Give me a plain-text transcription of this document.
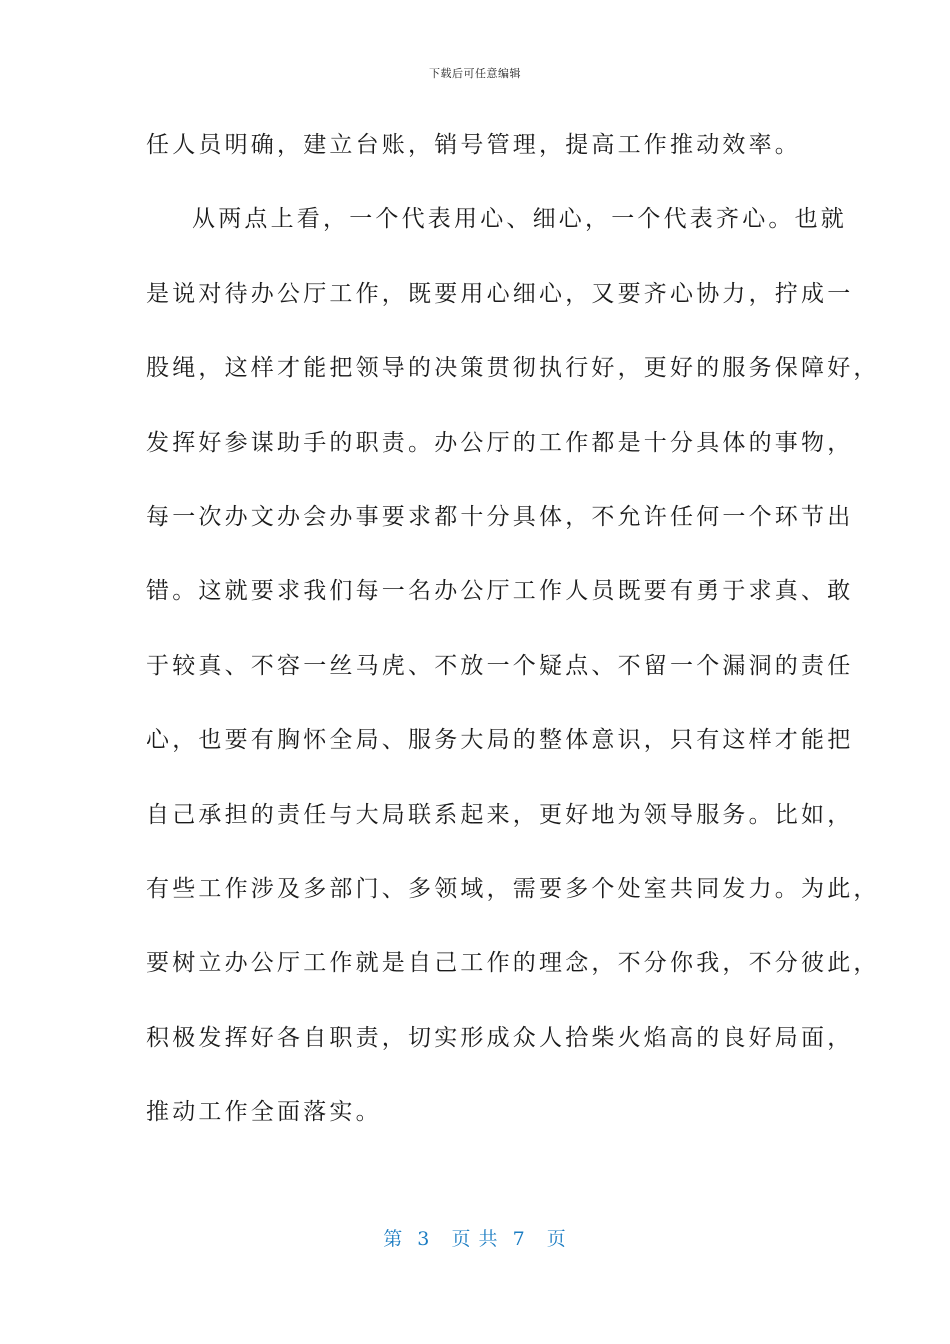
下载后可任意编辑
任人员明确，建立台账，销号管理，提高工作推动效率。
从两点上看，一个代表用心、细心，一个代表齐心。也就
是说对待办公厅工作，既要用心细心，又要齐心协力，拧成一
股绳，这样才能把领导的决策贯彻执行好，更好的服务保障好，
发挥好参谋助手的职责。办公厅的工作都是十分具体的事物，
每一次办文办会办事要求都十分具体，不允许任何一个环节出
错。这就要求我们每一名办公厅工作人员既要有勇于求真、敢
于较真、不容一丝马虎、不放一个疑点、不留一个漏洞的责任
心，也要有胸怀全局、服务大局的整体意识，只有这样才能把
自己承担的责任与大局联系起来，更好地为领导服务。比如，
有些工作涉及多部门、多领域，需要多个处室共同发力。为此，
要树立办公厅工作就是自己工作的理念，不分你我，不分彼此，
积极发挥好各自职责，切实形成众人拾柴火焰高的良好局面，
推动工作全面落实。
第  3   页 共  7   页
